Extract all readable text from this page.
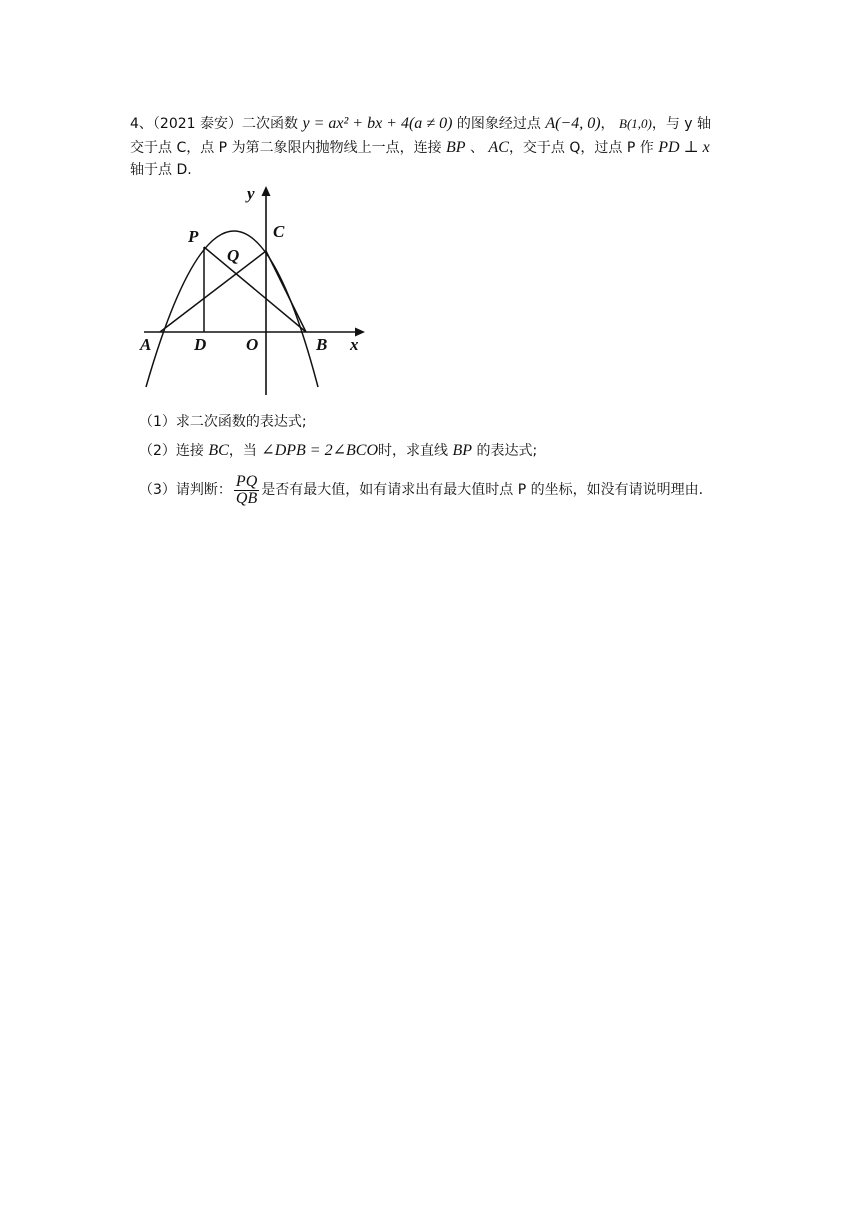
4、（2021 泰安）二次函数 y = ax² + bx + 4(a ≠ 0) 的图象经过点 A(−4, 0)， B(1,0)，与 y 轴
交于点 C，点 P 为第二象限内抛物线上一点，连接 BP 、 AC，交于点 Q，过点 P 作 PD ⊥ x
轴于点 D.
y
x
A	D O	B
P
Q
C
（1）求二次函数的表达式;
（2）连接 BC，当 ∠DPB = 2∠BCO时，求直线 BP 的表达式;
（3）请判断： $\frac{PQ}{QB}$ 是否有最大值，如有请求出有最大值时点 P 的坐标，如没有请说明理由.
